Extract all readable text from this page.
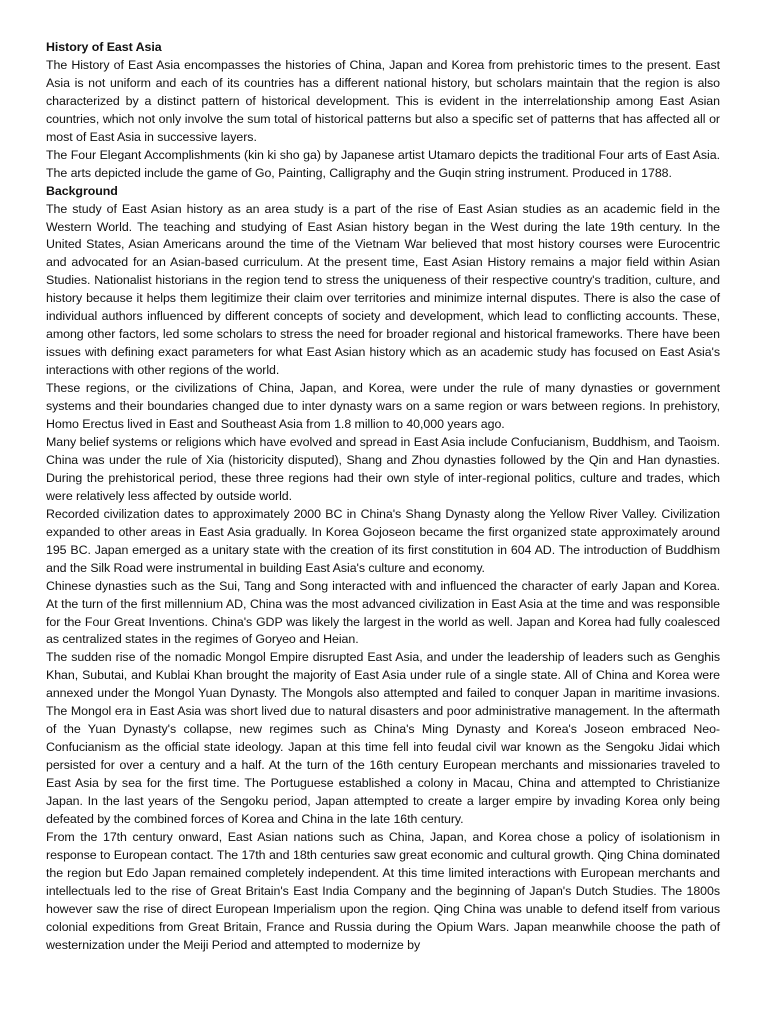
History of East Asia

The History of East Asia encompasses the histories of China, Japan and Korea from prehistoric times to the present. East Asia is not uniform and each of its countries has a different national history, but scholars maintain that the region is also characterized by a distinct pattern of historical development. This is evident in the interrelationship among East Asian countries, which not only involve the sum total of historical patterns but also a specific set of patterns that has affected all or most of East Asia in successive layers.

The Four Elegant Accomplishments (kin ki sho ga) by Japanese artist Utamaro depicts the traditional Four arts of East Asia. The arts depicted include the game of Go, Painting, Calligraphy and the Guqin string instrument. Produced in 1788.

Background

The study of East Asian history as an area study is a part of the rise of East Asian studies as an academic field in the Western World. The teaching and studying of East Asian history began in the West during the late 19th century. In the United States, Asian Americans around the time of the Vietnam War believed that most history courses were Eurocentric and advocated for an Asian-based curriculum. At the present time, East Asian History remains a major field within Asian Studies. Nationalist historians in the region tend to stress the uniqueness of their respective country's tradition, culture, and history because it helps them legitimize their claim over territories and minimize internal disputes. There is also the case of individual authors influenced by different concepts of society and development, which lead to conflicting accounts. These, among other factors, led some scholars to stress the need for broader regional and historical frameworks. There have been issues with defining exact parameters for what East Asian history which as an academic study has focused on East Asia's interactions with other regions of the world.

These regions, or the civilizations of China, Japan, and Korea, were under the rule of many dynasties or government systems and their boundaries changed due to inter dynasty wars on a same region or wars between regions. In prehistory, Homo Erectus lived in East and Southeast Asia from 1.8 million to 40,000 years ago.

Many belief systems or religions which have evolved and spread in East Asia include Confucianism, Buddhism, and Taoism. China was under the rule of Xia (historicity disputed), Shang and Zhou dynasties followed by the Qin and Han dynasties. During the prehistorical period, these three regions had their own style of inter-regional politics, culture and trades, which were relatively less affected by outside world.

Recorded civilization dates to approximately 2000 BC in China's Shang Dynasty along the Yellow River Valley. Civilization expanded to other areas in East Asia gradually. In Korea Gojoseon became the first organized state approximately around 195 BC. Japan emerged as a unitary state with the creation of its first constitution in 604 AD. The introduction of Buddhism and the Silk Road were instrumental in building East Asia's culture and economy.

Chinese dynasties such as the Sui, Tang and Song interacted with and influenced the character of early Japan and Korea. At the turn of the first millennium AD, China was the most advanced civilization in East Asia at the time and was responsible for the Four Great Inventions. China's GDP was likely the largest in the world as well. Japan and Korea had fully coalesced as centralized states in the regimes of Goryeo and Heian.

The sudden rise of the nomadic Mongol Empire disrupted East Asia, and under the leadership of leaders such as Genghis Khan, Subutai, and Kublai Khan brought the majority of East Asia under rule of a single state. All of China and Korea were annexed under the Mongol Yuan Dynasty. The Mongols also attempted and failed to conquer Japan in maritime invasions. The Mongol era in East Asia was short lived due to natural disasters and poor administrative management. In the aftermath of the Yuan Dynasty's collapse, new regimes such as China's Ming Dynasty and Korea's Joseon embraced Neo-Confucianism as the official state ideology. Japan at this time fell into feudal civil war known as the Sengoku Jidai which persisted for over a century and a half. At the turn of the 16th century European merchants and missionaries traveled to East Asia by sea for the first time. The Portuguese established a colony in Macau, China and attempted to Christianize Japan. In the last years of the Sengoku period, Japan attempted to create a larger empire by invading Korea only being defeated by the combined forces of Korea and China in the late 16th century.

From the 17th century onward, East Asian nations such as China, Japan, and Korea chose a policy of isolationism in response to European contact. The 17th and 18th centuries saw great economic and cultural growth. Qing China dominated the region but Edo Japan remained completely independent. At this time limited interactions with European merchants and intellectuals led to the rise of Great Britain's East India Company and the beginning of Japan's Dutch Studies. The 1800s however saw the rise of direct European Imperialism upon the region. Qing China was unable to defend itself from various colonial expeditions from Great Britain, France and Russia during the Opium Wars. Japan meanwhile choose the path of westernization under the Meiji Period and attempted to modernize by
